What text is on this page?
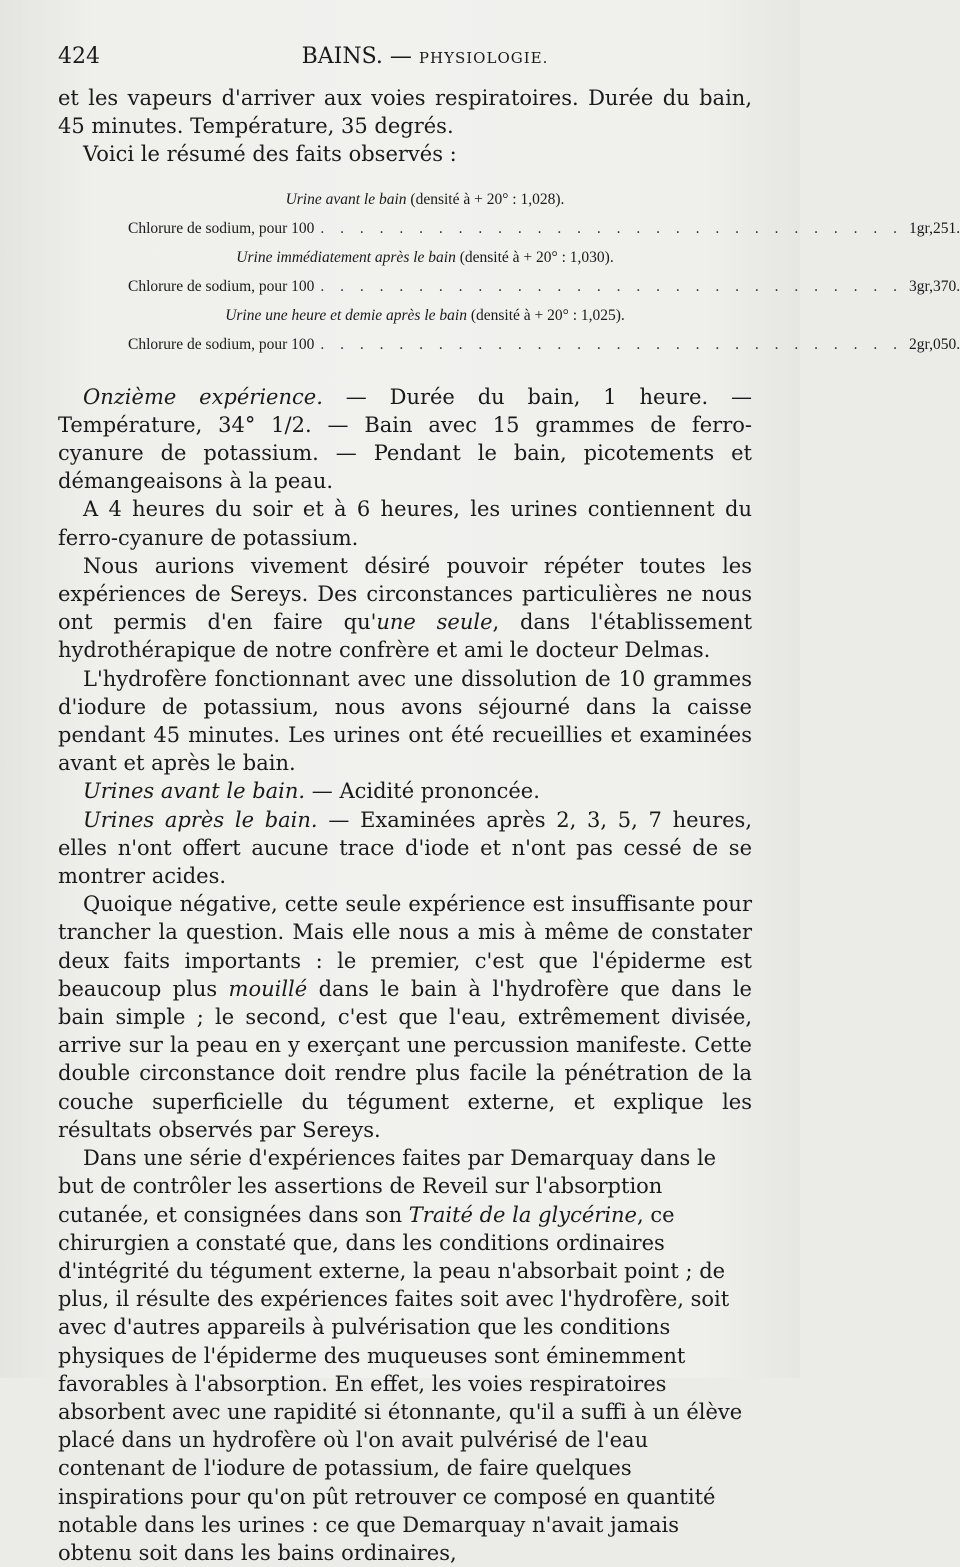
424	BAINS. — PHYSIOLOGIE.

et les vapeurs d'arriver aux voies respiratoires. Durée du bain, 45 minutes. Température, 35 degrés.

Voici le résumé des faits observés :

Urine avant le bain (densité à + 20° : 1,028).
Chlorure de sodium, pour 100 . . . . . . . . . . . . . . . . . . . . . . . . . . . . . . 1gr,251.
Urine immédiatement après le bain (densité à + 20° : 1,030).
Chlorure de sodium, pour 100 . . . . . . . . . . . . . . . . . . . . . . . . . . . . . . 3gr,370.
Urine une heure et demie après le bain (densité à + 20° : 1,025).
Chlorure de sodium, pour 100 . . . . . . . . . . . . . . . . . . . . . . . . . . . . . . 2gr,050.

Onzième expérience. — Durée du bain, 1 heure. — Température, 34° 1/2. — Bain avec 15 grammes de ferro-cyanure de potassium. — Pendant le bain, picotements et démangeaisons à la peau.

A 4 heures du soir et à 6 heures, les urines contiennent du ferro-cyanure de potassium.

Nous aurions vivement désiré pouvoir répéter toutes les expériences de Sereys. Des circonstances particulières ne nous ont permis d'en faire qu'une seule, dans l'établissement hydrothérapique de notre confrère et ami le docteur Delmas.

L'hydrofère fonctionnant avec une dissolution de 10 grammes d'iodure de potassium, nous avons séjourné dans la caisse pendant 45 minutes. Les urines ont été recueillies et examinées avant et après le bain.

Urines avant le bain. — Acidité prononcée.

Urines après le bain. — Examinées après 2, 3, 5, 7 heures, elles n'ont offert aucune trace d'iode et n'ont pas cessé de se montrer acides.

Quoique négative, cette seule expérience est insuffisante pour trancher la question. Mais elle nous a mis à même de constater deux faits importants : le premier, c'est que l'épiderme est beaucoup plus mouillé dans le bain à l'hydrofère que dans le bain simple ; le second, c'est que l'eau, extrêmement divisée, arrive sur la peau en y exerçant une percussion manifeste. Cette double circonstance doit rendre plus facile la pénétration de la couche superficielle du tégument externe, et explique les résultats observés par Sereys.

Dans une série d'expériences faites par Demarquay dans le but de contrôler les assertions de Reveil sur l'absorption cutanée, et consignées dans son Traité de la glycérine, ce chirurgien a constaté que, dans les conditions ordinaires d'intégrité du tégument externe, la peau n'absorbait point ; de plus, il résulte des expériences faites soit avec l'hydrofère, soit avec d'autres appareils à pulvérisation que les conditions physiques de l'épiderme des muqueuses sont éminemment favorables à l'absorption. En effet, les voies respiratoires absorbent avec une rapidité si étonnante, qu'il a suffi à un élève placé dans un hydrofère où l'on avait pulvérisé de l'eau contenant de l'iodure de potassium, de faire quelques inspirations pour qu'on pût retrouver ce composé en quantité notable dans les urines : ce que Demarquay n'avait jamais obtenu soit dans les bains ordinaires,
